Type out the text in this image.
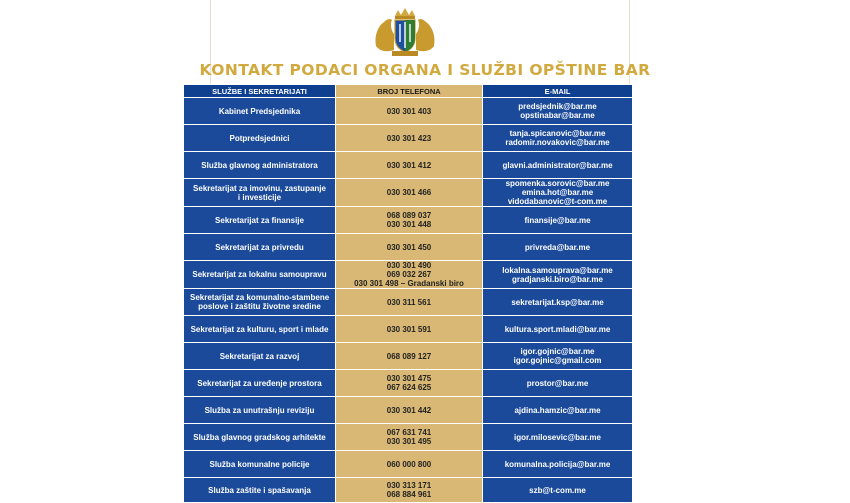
KONTAKT PODACI ORGANA I SLUŽBI OPŠTINE BAR
SLUŽBE I SEKRETARIJATI	BROJ TELEFONA	E-MAIL

Kabinet Predsjednika	030 301 403	predsjednik@bar.me
opstinabar@bar.me

Potpredsjednici	030 301 423	tanja.spicanovic@bar.me
radomir.novakovic@bar.me

Služba glavnog administratora	030 301 412	glavni.administrator@bar.me

Sekretarijat za imovinu, zastupanje
i investicije	030 301 466	spomenka.sorovic@bar.me
emina.hot@bar.me
vidodabanovic@t-com.me

Sekretarijat za finansije	068 089 037
030 301 448	finansije@bar.me

Sekretarijat za privredu	030 301 450	privreda@bar.me

Sekretarijat za lokalnu samoupravu	030 301 490
069 032 267
030 301 498 – Gradanski biro	lokalna.samouprava@bar.me
gradjanski.biro@bar.me

Sekretarijat za komunalno-stambene
poslove i zaštitu životne sredine	030 311 561	sekretarijat.ksp@bar.me

Sekretarijat za kulturu, sport i mlade	030 301 591	kultura.sport.mladi@bar.me

Sekretarijat za razvoj	068 089 127	igor.gojnic@bar.me
igor.gojnic@gmail.com

Sekretarijat za uređenje prostora	030 301 475
067 624 625	prostor@bar.me

Služba za unutrašnju reviziju	030 301 442	ajdina.hamzic@bar.me

Služba glavnog gradskog arhitekte	067 631 741
030 301 495	igor.milosevic@bar.me

Služba komunalne policije	060 000 800	komunalna.policija@bar.me

Služba zaštite i spašavanja	030 313 171
068 884 961	szb@t-com.me
